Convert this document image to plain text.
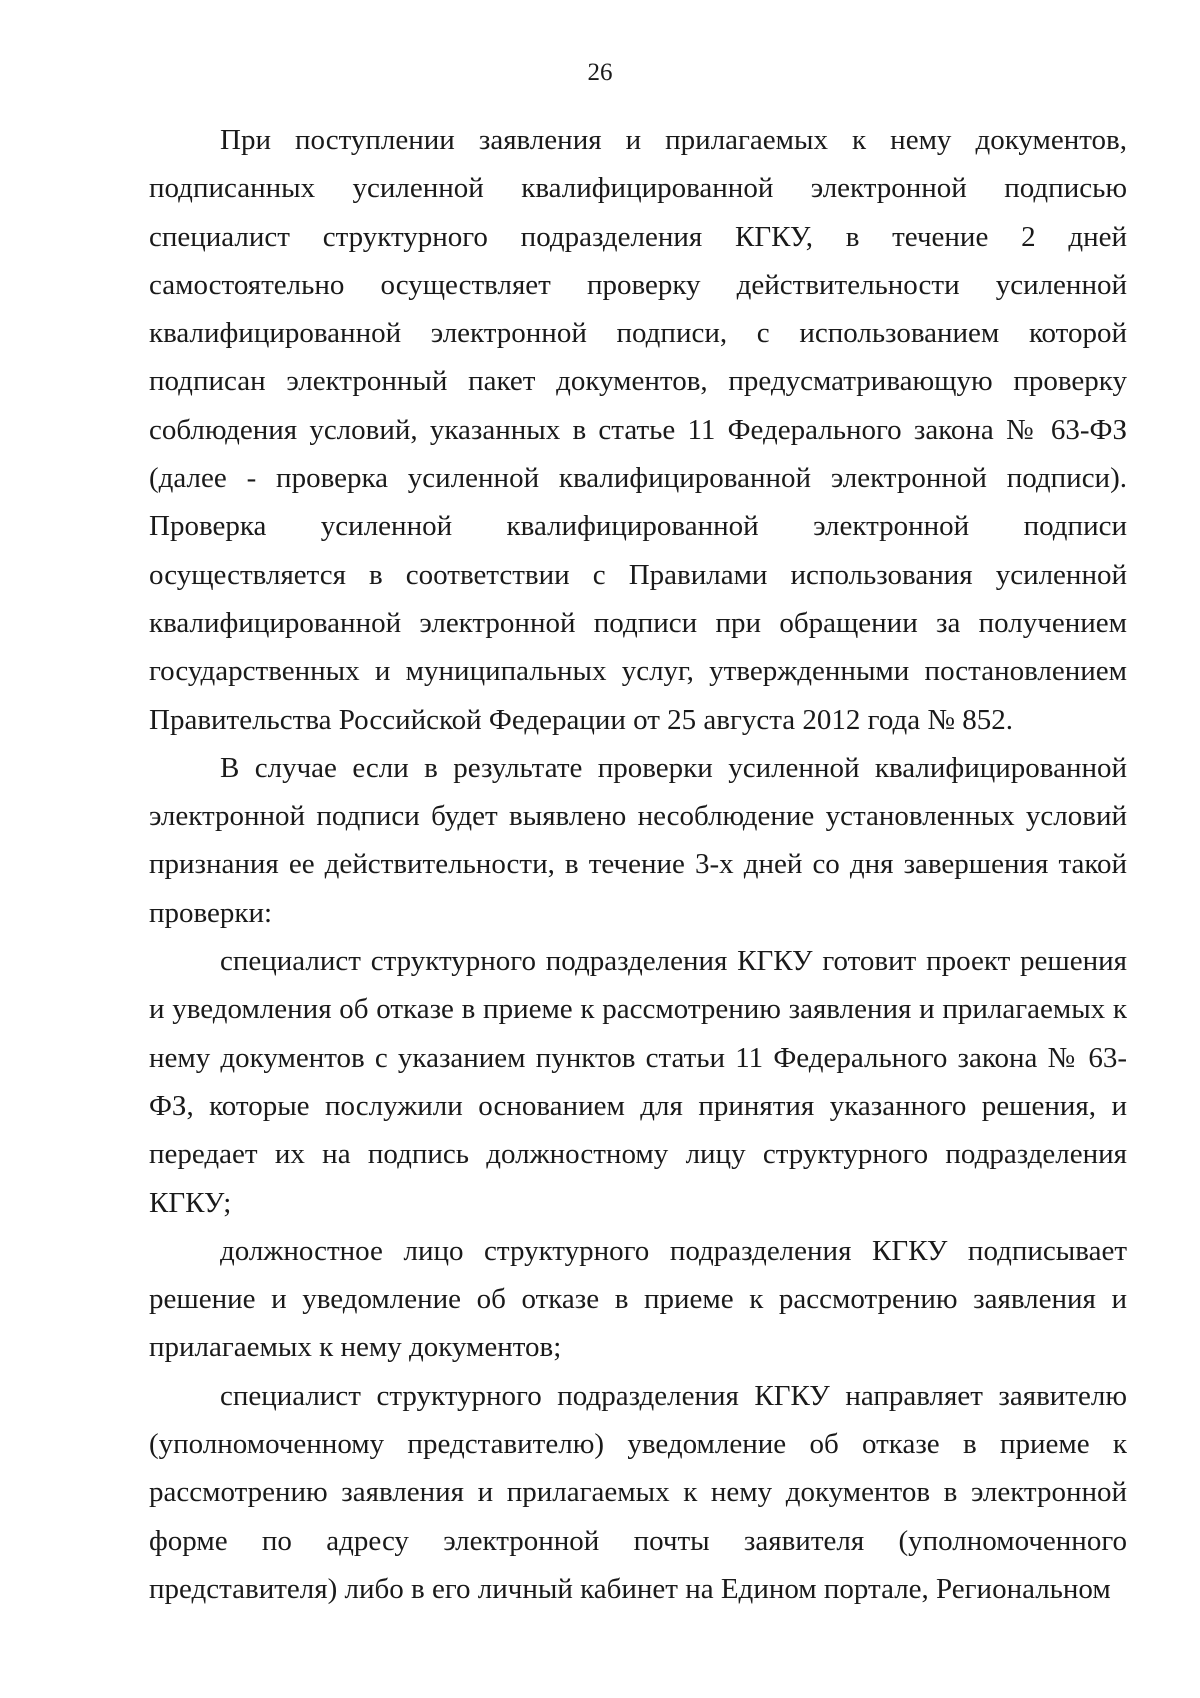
26

При поступлении заявления и прилагаемых к нему документов, подписанных усиленной квалифицированной электронной подписью специалист структурного подразделения КГКУ, в течение 2 дней самостоятельно осуществляет проверку действительности усиленной квалифицированной электронной подписи, с использованием которой подписан электронный пакет документов, предусматривающую проверку соблюдения условий, указанных в статье 11 Федерального закона № 63-ФЗ (далее - проверка усиленной квалифицированной электронной подписи). Проверка усиленной квалифицированной электронной подписи осуществляется в соответствии с Правилами использования усиленной квалифицированной электронной подписи при обращении за получением государственных и муниципальных услуг, утвержденными постановлением Правительства Российской Федерации от 25 августа 2012 года № 852.

В случае если в результате проверки усиленной квалифицированной электронной подписи будет выявлено несоблюдение установленных условий признания ее действительности, в течение 3-х дней со дня завершения такой проверки:

специалист структурного подразделения КГКУ готовит проект решения и уведомления об отказе в приеме к рассмотрению заявления и прилагаемых к нему документов с указанием пунктов статьи 11 Федерального закона № 63-ФЗ, которые послужили основанием для принятия указанного решения, и передает их на подпись должностному лицу структурного подразделения КГКУ;

должностное лицо структурного подразделения КГКУ подписывает решение и уведомление об отказе в приеме к рассмотрению заявления и прилагаемых к нему документов;

специалист структурного подразделения КГКУ направляет заявителю (уполномоченному представителю) уведомление об отказе в приеме к рассмотрению заявления и прилагаемых к нему документов в электронной форме по адресу электронной почты заявителя (уполномоченного представителя) либо в его личный кабинет на Едином портале, Региональном
